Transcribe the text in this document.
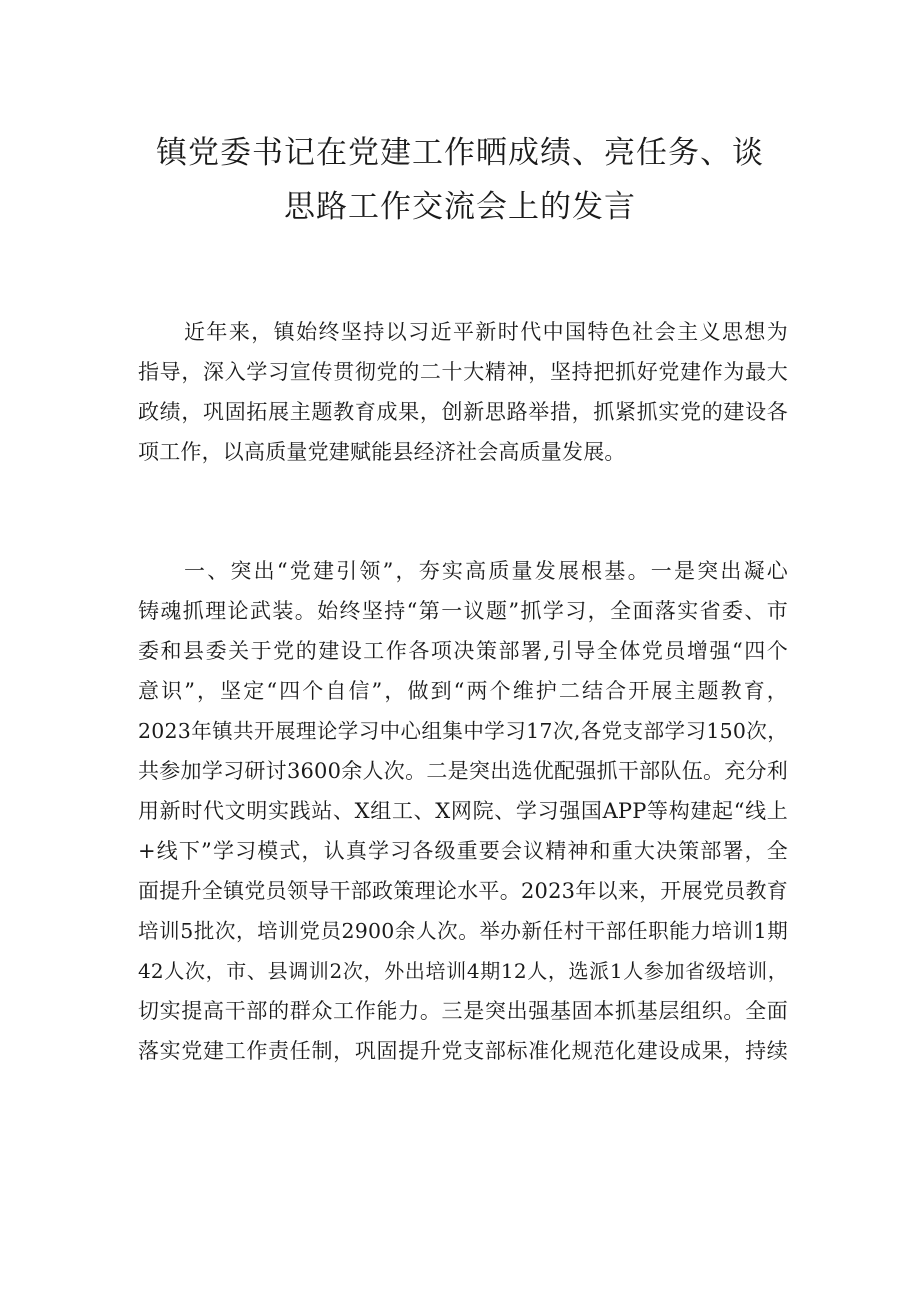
镇党委书记在党建工作晒成绩、亮任务、谈
思路工作交流会上的发言
近年来，镇始终坚持以习近平新时代中国特色社会主义思想为
指导，深入学习宣传贯彻党的二十大精神，坚持把抓好党建作为最大
政绩，巩固拓展主题教育成果，创新思路举措，抓紧抓实党的建设各
项工作，以高质量党建赋能县经济社会高质量发展。
一、突出“党建引领”，夯实高质量发展根基。一是突出凝心
铸魂抓理论武装。始终坚持“第一议题”抓学习，全面落实省委、市
委和县委关于党的建设工作各项决策部署,引导全体党员增强“四个
意识”，坚定“四个自信”，做到“两个维护二结合开展主题教育，
2023年镇共开展理论学习中心组集中学习17次,各党支部学习150次，
共参加学习研讨3600余人次。二是突出选优配强抓干部队伍。充分利
用新时代文明实践站、X组工、X网院、学习强国APP等构建起“线上
+线下”学习模式，认真学习各级重要会议精神和重大决策部署，全
面提升全镇党员领导干部政策理论水平。2023年以来，开展党员教育
培训5批次，培训党员2900余人次。举办新任村干部任职能力培训1期
42人次，市、县调训2次，外出培训4期12人，选派1人参加省级培训，
切实提高干部的群众工作能力。三是突出强基固本抓基层组织。全面
落实党建工作责任制，巩固提升党支部标准化规范化建设成果，持续
